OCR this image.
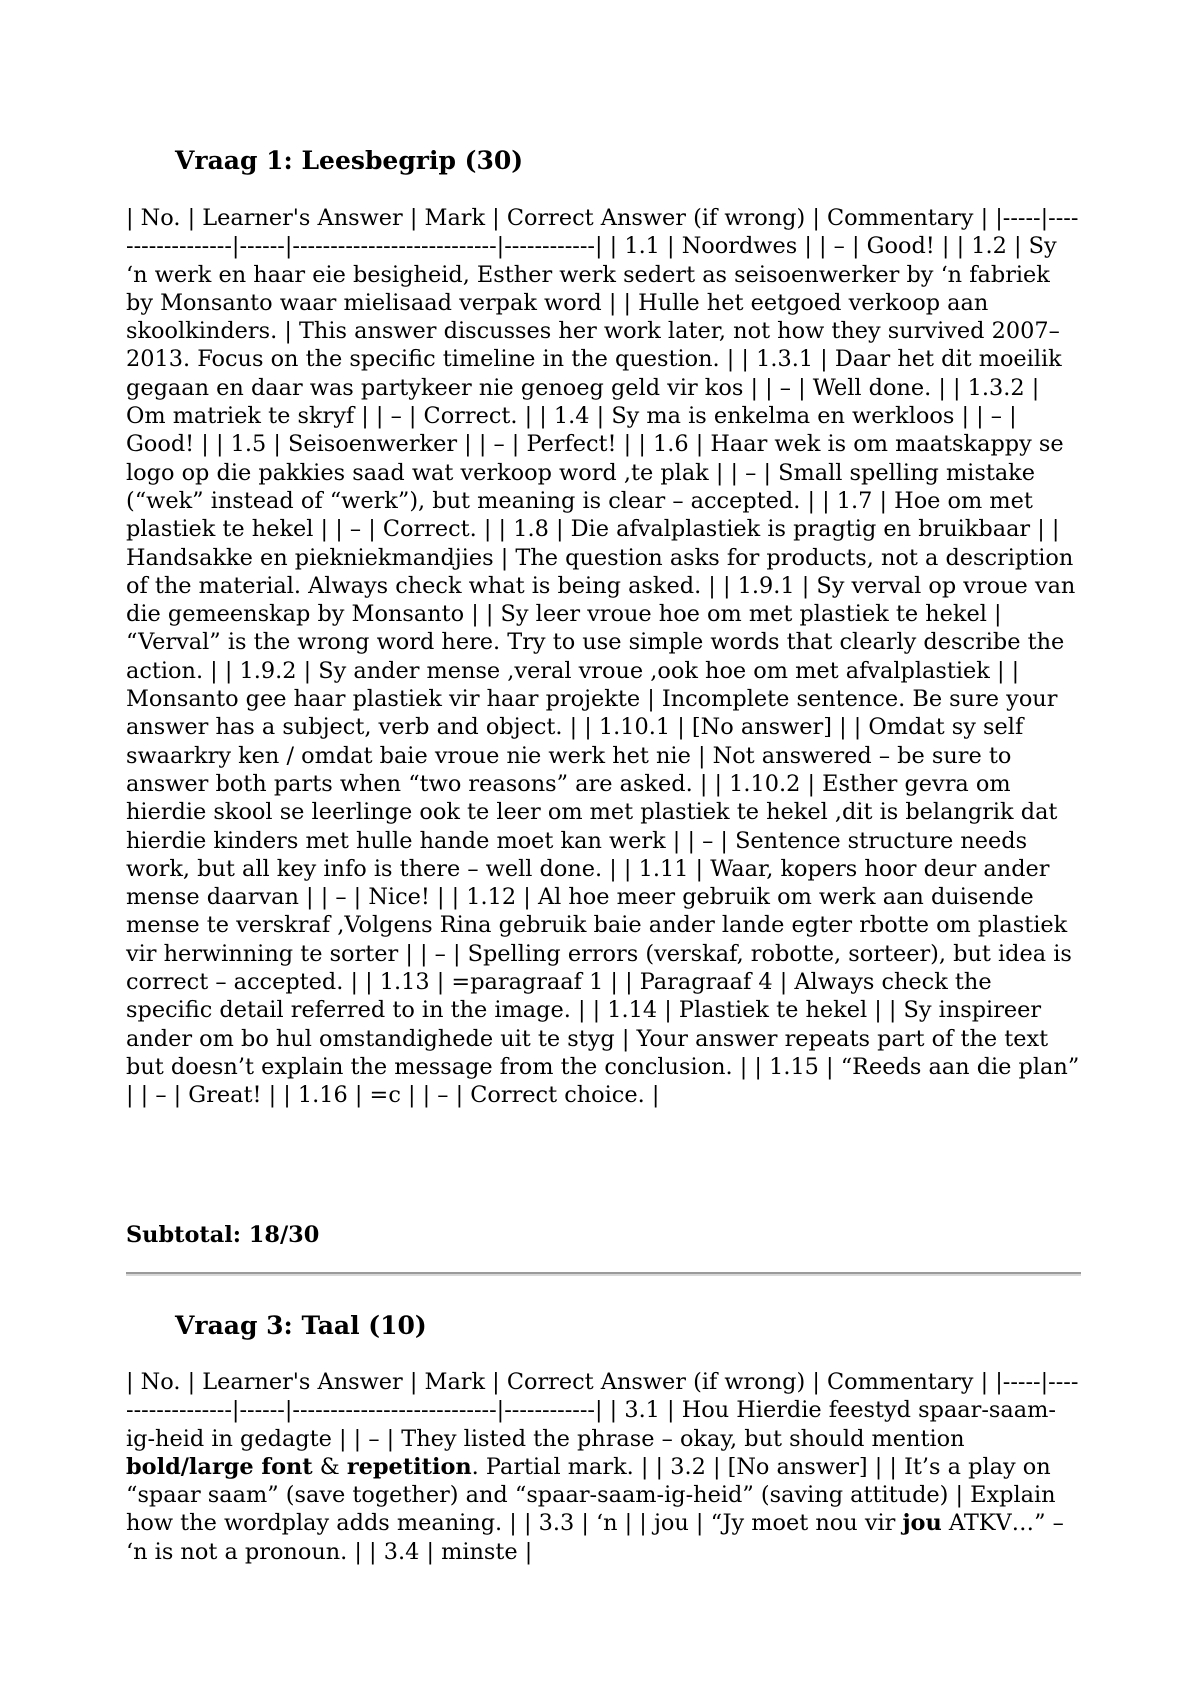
Vraag 1: Leesbegrip (30)

| No. | Learner's Answer | Mark | Correct Answer (if wrong) | Commentary | |-----|------------------|------|---------------------------|------------| | 1.1 | Noordwes | | – | Good! | | 1.2 | Sy ‘n werk en haar eie besigheid, Esther werk sedert as seisoenwerker by ‘n fabriek by Monsanto waar mielisaad verpak word | | Hulle het eetgoed verkoop aan skoolkinders. | This answer discusses her work later, not how they survived 2007–2013. Focus on the specific timeline in the question. | | 1.3.1 | Daar het dit moeilik gegaan en daar was partykeer nie genoeg geld vir kos | | – | Well done. | | 1.3.2 | Om matriek te skryf | | – | Correct. | | 1.4 | Sy ma is enkelma en werkloos | | – | Good! | | 1.5 | Seisoenwerker | | – | Perfect! | | 1.6 | Haar wek is om maatskappy se logo op die pakkies saad wat verkoop word ,te plak | | – | Small spelling mistake (“wek” instead of “werk”), but meaning is clear – accepted. | | 1.7 | Hoe om met plastiek te hekel | | – | Correct. | | 1.8 | Die afvalplastiek is pragtig en bruikbaar | | Handsakke en piekniekmandjies | The question asks for products, not a description of the material. Always check what is being asked. | | 1.9.1 | Sy verval op vroue van die gemeenskap by Monsanto | | Sy leer vroue hoe om met plastiek te hekel | “Verval” is the wrong word here. Try to use simple words that clearly describe the action. | | 1.9.2 | Sy ander mense ,veral vroue ,ook hoe om met afvalplastiek | | Monsanto gee haar plastiek vir haar projekte | Incomplete sentence. Be sure your answer has a subject, verb and object. | | 1.10.1 | [No answer] | | Omdat sy self swaarkry ken / omdat baie vroue nie werk het nie | Not answered – be sure to answer both parts when “two reasons” are asked. | | 1.10.2 | Esther gevra om hierdie skool se leerlinge ook te leer om met plastiek te hekel ,dit is belangrik dat hierdie kinders met hulle hande moet kan werk | | – | Sentence structure needs work, but all key info is there – well done. | | 1.11 | Waar, kopers hoor deur ander mense daarvan | | – | Nice! | | 1.12 | Al hoe meer gebruik om werk aan duisende mense te verskraf ,Volgens Rina gebruik baie ander lande egter rbotte om plastiek vir herwinning te sorter | | – | Spelling errors (verskaf, robotte, sorteer), but idea is correct – accepted. | | 1.13 | =paragraaf 1 | | Paragraaf 4 | Always check the specific detail referred to in the image. | | 1.14 | Plastiek te hekel | | Sy inspireer ander om bo hul omstandighede uit te styg | Your answer repeats part of the text but doesn’t explain the message from the conclusion. | | 1.15 | “Reeds aan die plan” | | – | Great! | | 1.16 | =c | | – | Correct choice. |

Subtotal: 18/30

Vraag 3: Taal (10)

| No. | Learner's Answer | Mark | Correct Answer (if wrong) | Commentary | |-----|------------------|------|---------------------------|------------| | 3.1 | Hou Hierdie feestyd spaar-saam-ig-heid in gedagte | | – | They listed the phrase – okay, but should mention bold/large font & repetition. Partial mark. | | 3.2 | [No answer] | | It’s a play on “spaar saam” (save together) and “spaar-saam-ig-heid” (saving attitude) | Explain how the wordplay adds meaning. | | 3.3 | ‘n | | jou | “Jy moet nou vir jou ATKV…” – ‘n is not a pronoun. | | 3.4 | minste |
